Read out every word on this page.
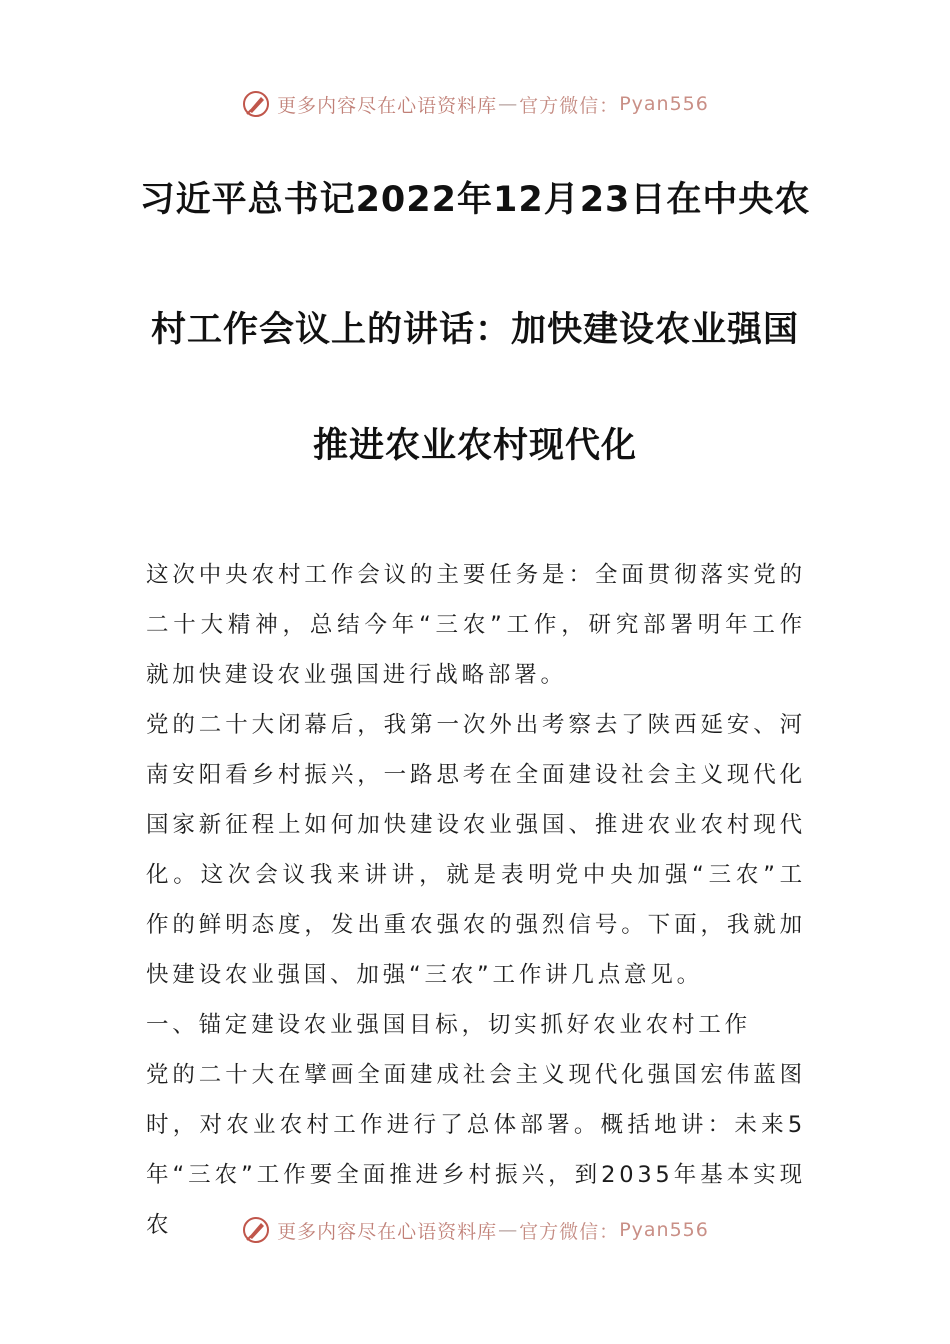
更多内容尽在心语资料库 — 官方微信： Pyan556
习近平总书记2022年12月23日在中央农
村工作会议上的讲话：加快建设农业强国
推进农业农村现代化

这次中央农村工作会议的主要任务是：全面贯彻落实党的二十大精神，总结今年“三农”工作，研究部署明年工作就加快建设农业强国进行战略部署。

党的二十大闭幕后，我第一次外出考察去了陕西延安、河南安阳看乡村振兴，一路思考在全面建设社会主义现代化国家新征程上如何加快建设农业强国、推进农业农村现代化。这次会议我来讲讲，就是表明党中央加强“三农”工作的鲜明态度，发出重农强农的强烈信号。下面，我就加快建设农业强国、加强“三农”工作讲几点意见。

一、锚定建设农业强国目标，切实抓好农业农村工作

党的二十大在擘画全面建成社会主义现代化强国宏伟蓝图时，对农业农村工作进行了总体部署。概括地讲：未来5年“三农”工作要全面推进乡村振兴，到2035年基本实现农	更多内容尽在心语资料库 — 官方微信： Pyan556
